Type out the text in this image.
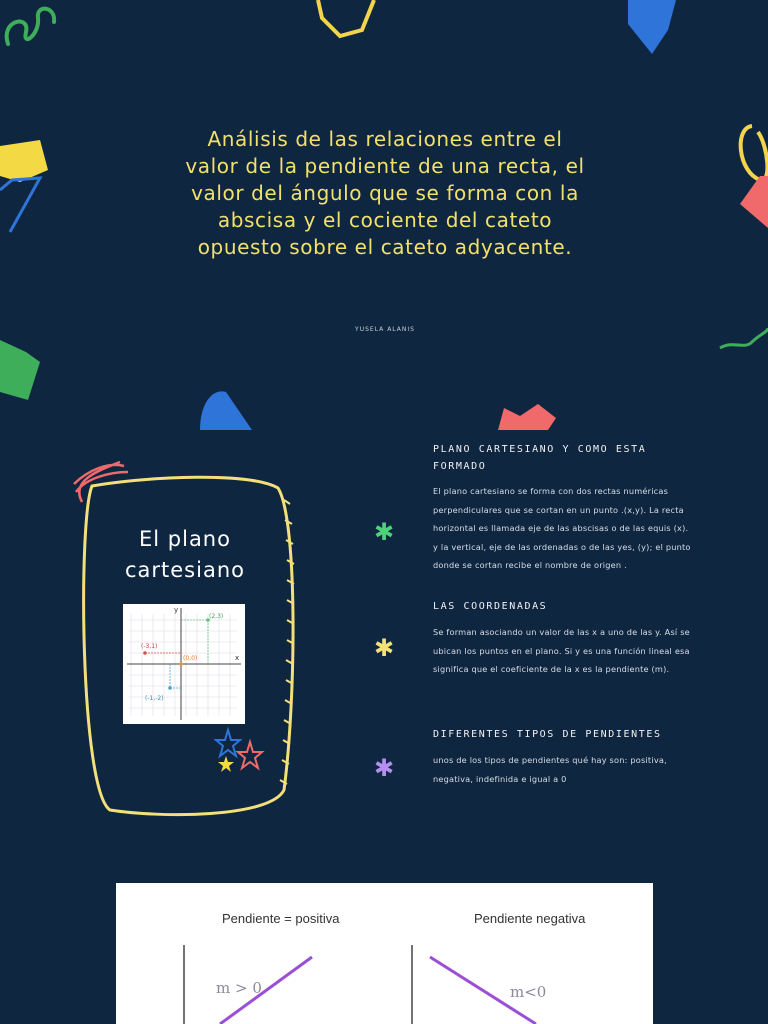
✱
✱
✱
Análisis de las relaciones entre el valor de la pendiente de una recta, el valor del ángulo que se forma con la abscisa y el cociente del cateto opuesto sobre el cateto adyacente.
YUSELA ALANIS
El plano
cartesiano
(2,3)
(-3,1)
(0,0)
(-1,-2)
x
y
PLANO CARTESIANO Y COMO ESTA FORMADO
El plano cartesiano se forma con dos rectas numéricas perpendiculares que se cortan en un punto .(x,y). La recta horizontal es llamada eje de las abscisas o de las equis (x). y la vertical, eje de las ordenadas o de las yes, (y); el punto donde se cortan recibe el nombre de origen .
LAS COORDENADAS
Se forman asociando un valor de las x a uno de las y. Así se ubican los puntos en el plano. Si y es una función lineal esa significa que el coeficiente de la x es la pendiente (m).
DIFERENTES TIPOS DE PENDIENTES
unos de los tipos de pendientes qué hay son: positiva, negativa, indefinida e igual a 0
Pendiente = positiva	Pendiente negativa
m > 0	m<0
